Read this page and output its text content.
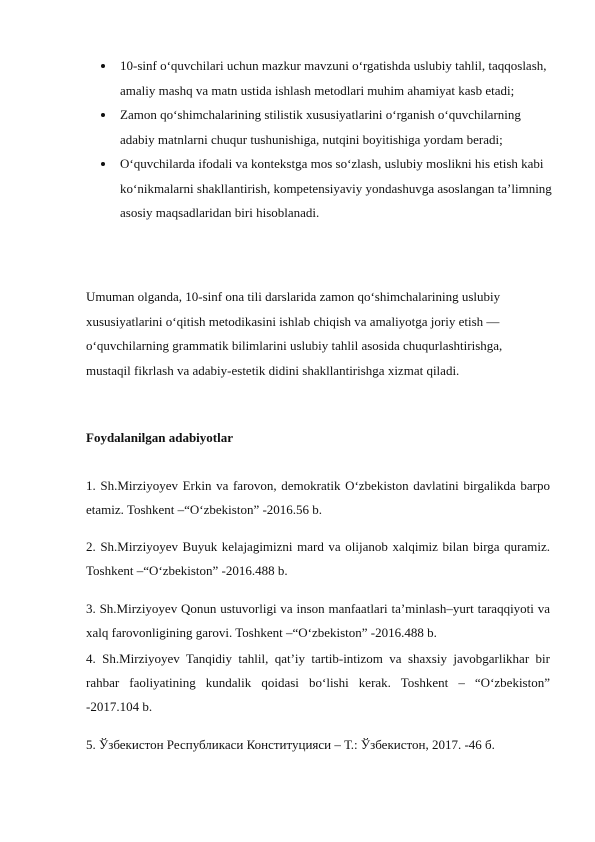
10-sinf o‘quvchilari uchun mazkur mavzuni o‘rgatishda uslubiy tahlil, taqqoslash, amaliy mashq va matn ustida ishlash metodlari muhim ahamiyat kasb etadi;
Zamon qo‘shimchalarining stilistik xususiyatlarini o‘rganish o‘quvchilarning adabiy matnlarni chuqur tushunishiga, nutqini boyitishiga yordam beradi;
O‘quvchilarda ifodali va kontekstga mos so‘zlash, uslubiy moslikni his etish kabi ko‘nikmalarni shakllantirish, kompetensiyaviy yondashuvga asoslangan ta’limning asosiy maqsadlaridan biri hisoblanadi.

Umuman olganda, 10-sinf ona tili darslarida zamon qo‘shimchalarining uslubiy xususiyatlarini o‘qitish metodikasini ishlab chiqish va amaliyotga joriy etish — o‘quvchilarning grammatik bilimlarini uslubiy tahlil asosida chuqurlashtirishga, mustaqil fikrlash va adabiy-estetik didini shakllantirishga xizmat qiladi.

Foydalanilgan adabiyotlar

1. Sh.Mirziyoyev Erkin va farovon, demokratik O‘zbekiston davlatini birgalikda barpo etamiz. Toshkent –“O‘zbekiston” -2016.56 b.

2. Sh.Mirziyoyev Buyuk kelajagimizni mard va olijanob xalqimiz bilan birga quramiz. Toshkent –“O‘zbekiston” -2016.488 b.

3. Sh.Mirziyoyev Qonun ustuvorligi va inson manfaatlari ta’minlash–yurt taraqqiyoti va xalq farovonligining garovi. Toshkent –“O‘zbekiston” -2016.488 b.

4. Sh.Mirziyoyev Tanqidiy tahlil, qat’iy tartib-intizom va shaxsiy javobgarlikhar bir rahbar faoliyatining kundalik qoidasi bo‘lishi kerak. Toshkent – “O‘zbekiston” -2017.104 b.

5. Ўзбекистон Республикаси Конституцияси – Т.: Ўзбекистон, 2017. -46 б.
